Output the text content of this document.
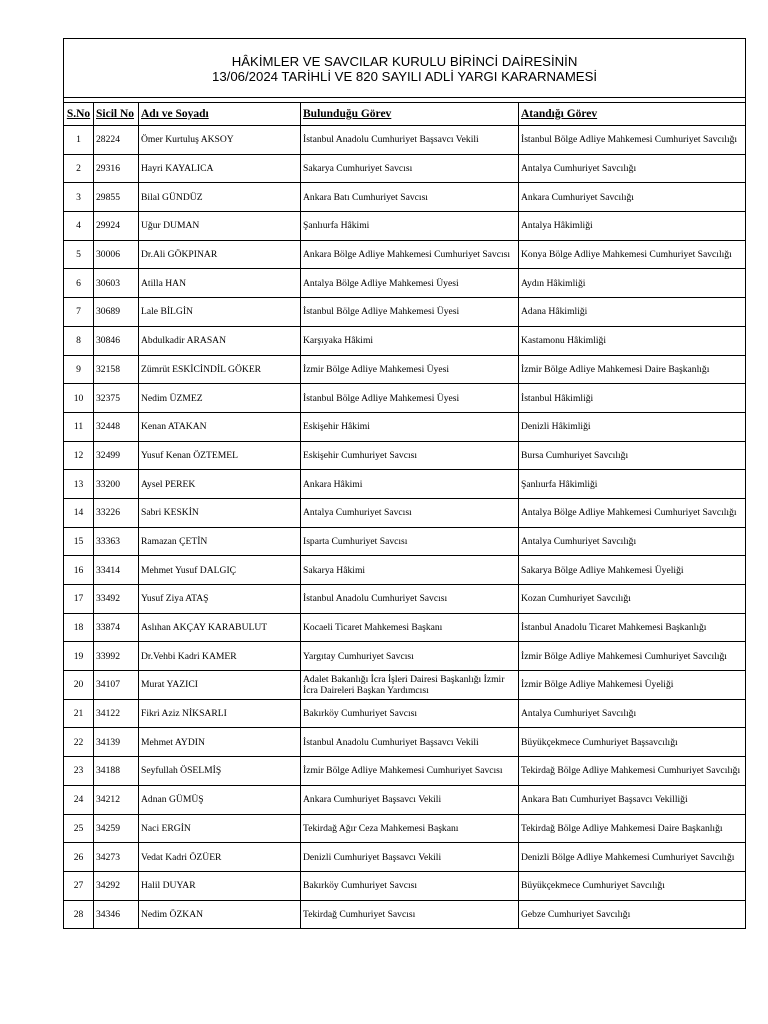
HÂKİMLER VE SAVCILAR KURULU BİRİNCİ DAİRESİNİN
13/06/2024 TARİHLİ VE 820 SAYILI ADLİ YARGI KARARNAMESİ				

S.No	Sicil No	Adı ve Soyadı	Bulunduğu Görev	Atandığı Görev
1	28224	Ömer Kurtuluş AKSOY	İstanbul Anadolu Cumhuriyet Başsavcı Vekili	İstanbul Bölge Adliye Mahkemesi Cumhuriyet Savcılığı
2	29316	Hayri KAYALICA	Sakarya Cumhuriyet Savcısı	Antalya Cumhuriyet Savcılığı
3	29855	Bilal GÜNDÜZ	Ankara Batı Cumhuriyet Savcısı	Ankara Cumhuriyet Savcılığı
4	29924	Uğur DUMAN	Şanlıurfa Hâkimi	Antalya Hâkimliği
5	30006	Dr.Ali GÖKPINAR	Ankara Bölge Adliye Mahkemesi Cumhuriyet Savcısı	Konya Bölge Adliye Mahkemesi Cumhuriyet Savcılığı
6	30603	Atilla HAN	Antalya Bölge Adliye Mahkemesi Üyesi	Aydın Hâkimliği
7	30689	Lale BİLGİN	İstanbul Bölge Adliye Mahkemesi Üyesi	Adana Hâkimliği
8	30846	Abdulkadir ARASAN	Karşıyaka Hâkimi	Kastamonu Hâkimliği
9	32158	Zümrüt ESKİCİNDİL GÖKER	İzmir Bölge Adliye Mahkemesi Üyesi	İzmir Bölge Adliye Mahkemesi Daire Başkanlığı
10	32375	Nedim ÜZMEZ	İstanbul Bölge Adliye Mahkemesi Üyesi	İstanbul Hâkimliği
11	32448	Kenan ATAKAN	Eskişehir Hâkimi	Denizli Hâkimliği
12	32499	Yusuf Kenan ÖZTEMEL	Eskişehir Cumhuriyet Savcısı	Bursa Cumhuriyet Savcılığı
13	33200	Aysel PEREK	Ankara Hâkimi	Şanlıurfa Hâkimliği
14	33226	Sabri KESKİN	Antalya Cumhuriyet Savcısı	Antalya Bölge Adliye Mahkemesi Cumhuriyet Savcılığı
15	33363	Ramazan ÇETİN	Isparta Cumhuriyet Savcısı	Antalya Cumhuriyet Savcılığı
16	33414	Mehmet Yusuf DALGIÇ	Sakarya Hâkimi	Sakarya Bölge Adliye Mahkemesi Üyeliği
17	33492	Yusuf Ziya ATAŞ	İstanbul Anadolu Cumhuriyet Savcısı	Kozan Cumhuriyet Savcılığı
18	33874	Aslıhan AKÇAY KARABULUT	Kocaeli Ticaret Mahkemesi Başkanı	İstanbul Anadolu Ticaret Mahkemesi Başkanlığı
19	33992	Dr.Vehbi Kadri KAMER	Yargıtay Cumhuriyet Savcısı	İzmir Bölge Adliye Mahkemesi Cumhuriyet Savcılığı
20	34107	Murat YAZICI	Adalet Bakanlığı İcra İşleri Dairesi Başkanlığı İzmir İcra Daireleri Başkan Yardımcısı	İzmir Bölge Adliye Mahkemesi Üyeliği
21	34122	Fikri Aziz NİKSARLI	Bakırköy Cumhuriyet Savcısı	Antalya Cumhuriyet Savcılığı
22	34139	Mehmet AYDIN	İstanbul Anadolu Cumhuriyet Başsavcı Vekili	Büyükçekmece Cumhuriyet Başsavcılığı
23	34188	Seyfullah ÖSELMİŞ	İzmir Bölge Adliye Mahkemesi Cumhuriyet Savcısı	Tekirdağ Bölge Adliye Mahkemesi Cumhuriyet Savcılığı
24	34212	Adnan GÜMÜŞ	Ankara Cumhuriyet Başsavcı Vekili	Ankara Batı Cumhuriyet Başsavcı Vekilliği
25	34259	Naci ERGİN	Tekirdağ Ağır Ceza Mahkemesi Başkanı	Tekirdağ Bölge Adliye Mahkemesi Daire Başkanlığı
26	34273	Vedat Kadri ÖZÜER	Denizli Cumhuriyet Başsavcı Vekili	Denizli Bölge Adliye Mahkemesi Cumhuriyet Savcılığı
27	34292	Halil DUYAR	Bakırköy Cumhuriyet Savcısı	Büyükçekmece Cumhuriyet Savcılığı
28	34346	Nedim ÖZKAN	Tekirdağ Cumhuriyet Savcısı	Gebze Cumhuriyet Savcılığı
